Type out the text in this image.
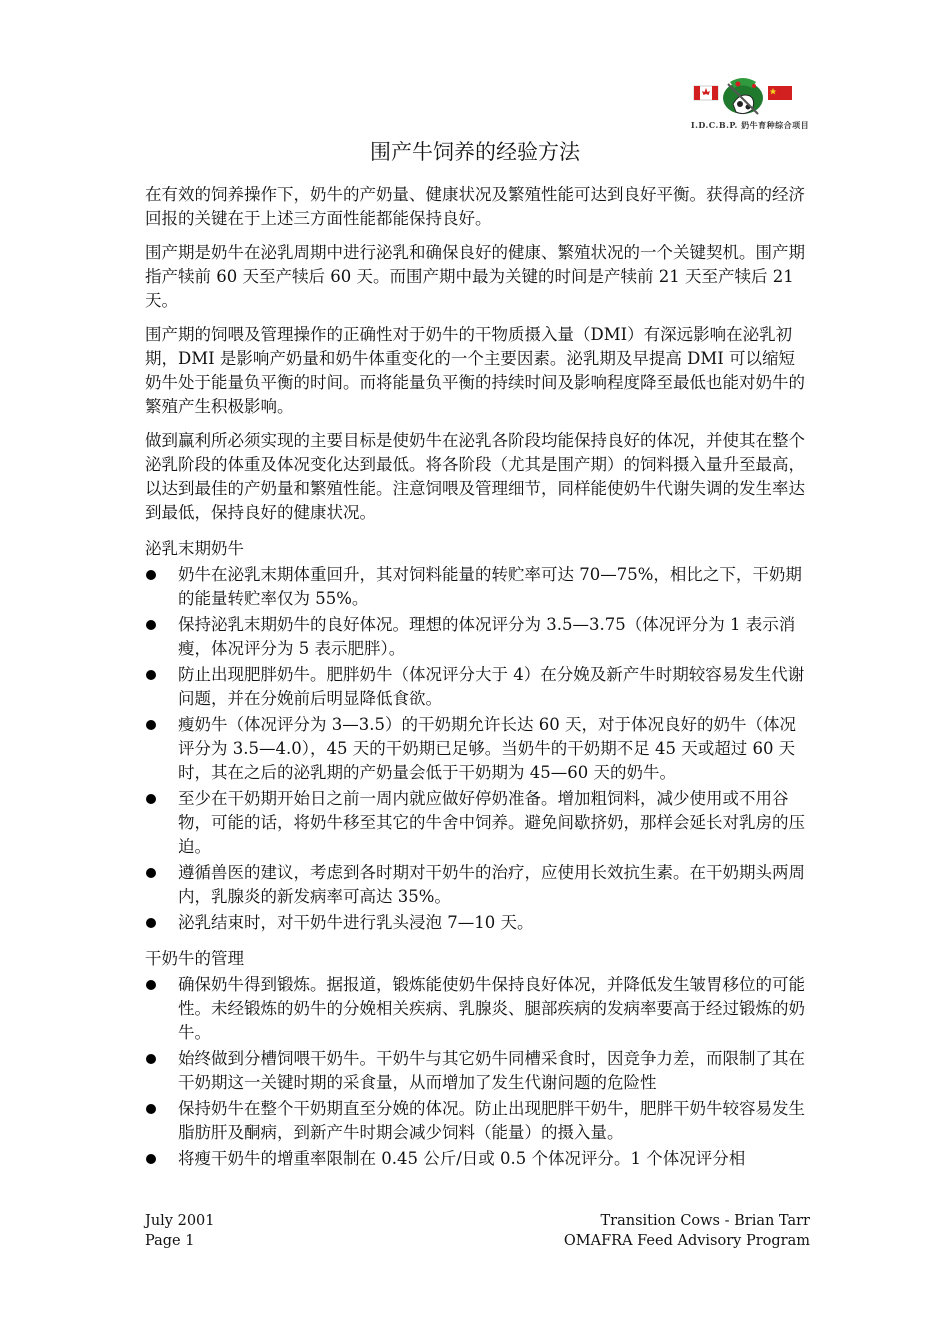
I.D.C.B.P. 奶牛育种综合项目
围产牛饲养的经验方法

在有效的饲养操作下，奶牛的产奶量、健康状况及繁殖性能可达到良好平衡。获得高的经济回报的关键在于上述三方面性能都能保持良好。

围产期是奶牛在泌乳周期中进行泌乳和确保良好的健康、繁殖状况的一个关键契机。围产期指产犊前 60 天至产犊后 60 天。而围产期中最为关键的时间是产犊前 21 天至产犊后 21 天。

围产期的饲喂及管理操作的正确性对于奶牛的干物质摄入量（DMI）有深远影响在泌乳初期，DMI 是影响产奶量和奶牛体重变化的一个主要因素。泌乳期及早提高 DMI 可以缩短奶牛处于能量负平衡的时间。而将能量负平衡的持续时间及影响程度降至最低也能对奶牛的繁殖产生积极影响。

做到赢利所必须实现的主要目标是使奶牛在泌乳各阶段均能保持良好的体况，并使其在整个泌乳阶段的体重及体况变化达到最低。将各阶段（尤其是围产期）的饲料摄入量升至最高，以达到最佳的产奶量和繁殖性能。注意饲喂及管理细节，同样能使奶牛代谢失调的发生率达到最低，保持良好的健康状况。

泌乳末期奶牛
奶牛在泌乳末期体重回升，其对饲料能量的转贮率可达 70—75%，相比之下，干奶期的能量转贮率仅为 55%。
保持泌乳末期奶牛的良好体况。理想的体况评分为 3.5—3.75（体况评分为 1 表示消瘦，体况评分为 5 表示肥胖）。
防止出现肥胖奶牛。肥胖奶牛（体况评分大于 4）在分娩及新产牛时期较容易发生代谢问题，并在分娩前后明显降低食欲。
瘦奶牛（体况评分为 3—3.5）的干奶期允许长达 60 天，对于体况良好的奶牛（体况评分为 3.5—4.0），45 天的干奶期已足够。当奶牛的干奶期不足 45 天或超过 60 天时，其在之后的泌乳期的产奶量会低于干奶期为 45—60 天的奶牛。
至少在干奶期开始日之前一周内就应做好停奶准备。增加粗饲料，减少使用或不用谷物，可能的话，将奶牛移至其它的牛舍中饲养。避免间歇挤奶，那样会延长对乳房的压迫。
遵循兽医的建议，考虑到各时期对干奶牛的治疗，应使用长效抗生素。在干奶期头两周内，乳腺炎的新发病率可高达 35%。
泌乳结束时，对干奶牛进行乳头浸泡 7—10 天。
干奶牛的管理
确保奶牛得到锻炼。据报道，锻炼能使奶牛保持良好体况，并降低发生皱胃移位的可能性。未经锻炼的奶牛的分娩相关疾病、乳腺炎、腿部疾病的发病率要高于经过锻炼的奶牛。
始终做到分槽饲喂干奶牛。干奶牛与其它奶牛同槽采食时，因竞争力差，而限制了其在干奶期这一关键时期的采食量，从而增加了发生代谢问题的危险性
保持奶牛在整个干奶期直至分娩的体况。防止出现肥胖干奶牛，肥胖干奶牛较容易发生脂肪肝及酮病，到新产牛时期会减少饲料（能量）的摄入量。
将瘦干奶牛的增重率限制在 0.45 公斤/日或 0.5 个体况评分。1 个体况评分相
July 2001
Page 1
Transition Cows - Brian Tarr
OMAFRA Feed Advisory Program
